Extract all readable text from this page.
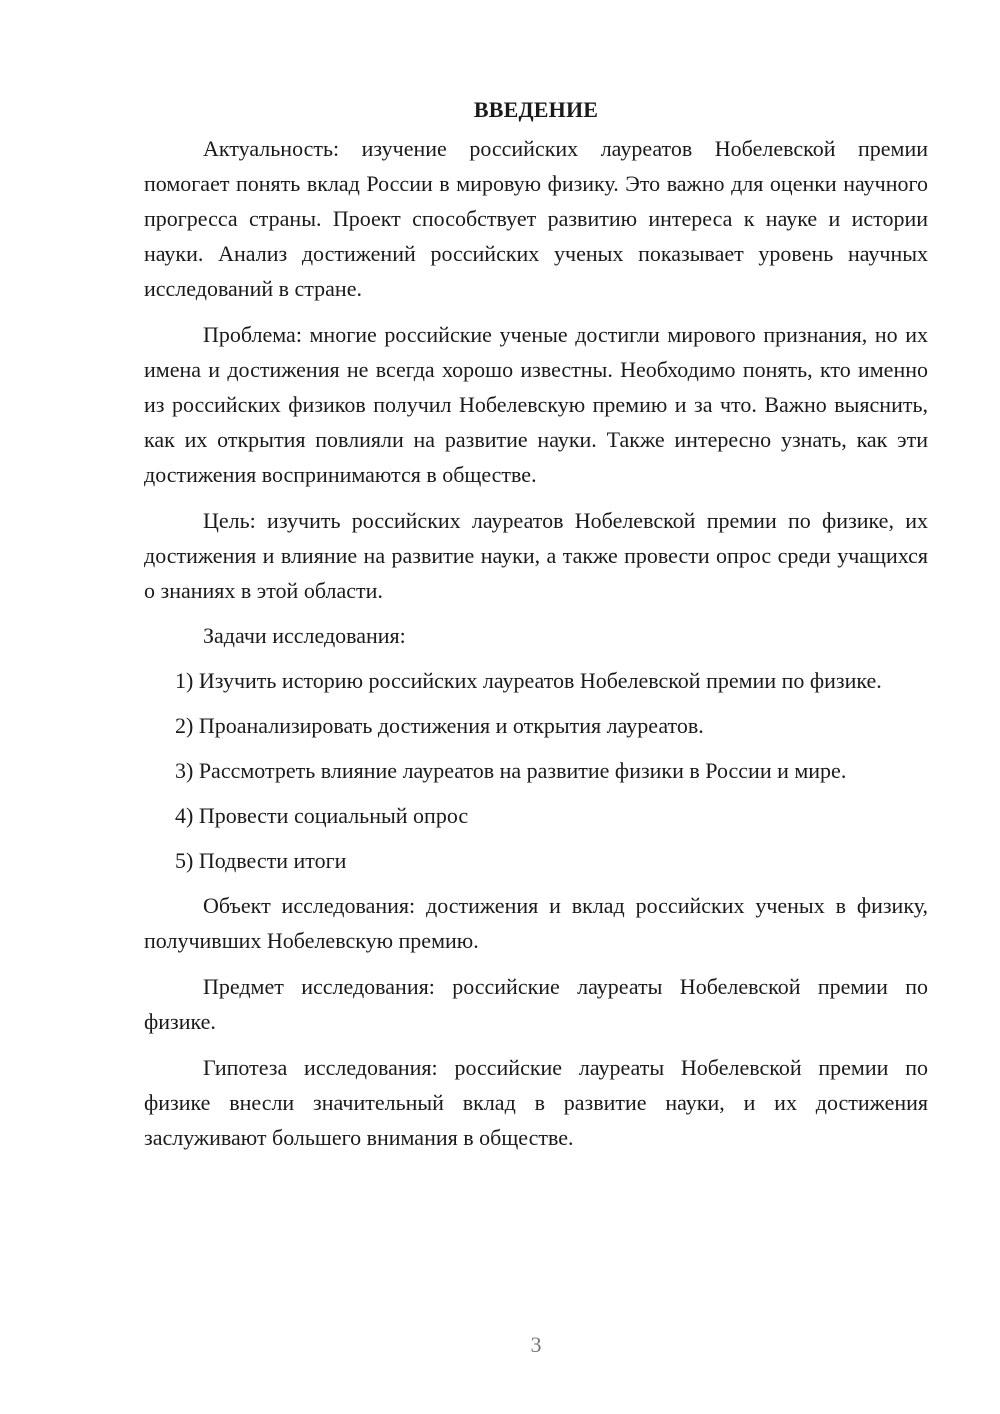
ВВЕДЕНИЕ

Актуальность: изучение российских лауреатов Нобелевской премии помогает понять вклад России в мировую физику. Это важно для оценки научного прогресса страны. Проект способствует развитию интереса к науке и истории науки. Анализ достижений российских ученых показывает уровень научных исследований в стране.

Проблема: многие российские ученые достигли мирового признания, но их имена и достижения не всегда хорошо известны. Необходимо понять, кто именно из российских физиков получил Нобелевскую премию и за что. Важно выяснить, как их открытия повлияли на развитие науки. Также интересно узнать, как эти достижения воспринимаются в обществе.

Цель: изучить российских лауреатов Нобелевской премии по физике, их достижения и влияние на развитие науки, а также провести опрос среди учащихся о знаниях в этой области.

Задачи исследования:

1) Изучить историю российских лауреатов Нобелевской премии по физике.

2) Проанализировать достижения и открытия лауреатов.

3) Рассмотреть влияние лауреатов на развитие физики в России и мире.

4) Провести социальный опрос

5) Подвести итоги

Объект исследования: достижения и вклад российских ученых в физику, получивших Нобелевскую премию.

Предмет исследования: российские лауреаты Нобелевской премии по физике.

Гипотеза исследования: российские лауреаты Нобелевской премии по физике внесли значительный вклад в развитие науки, и их достижения заслуживают большего внимания в обществе.

3
